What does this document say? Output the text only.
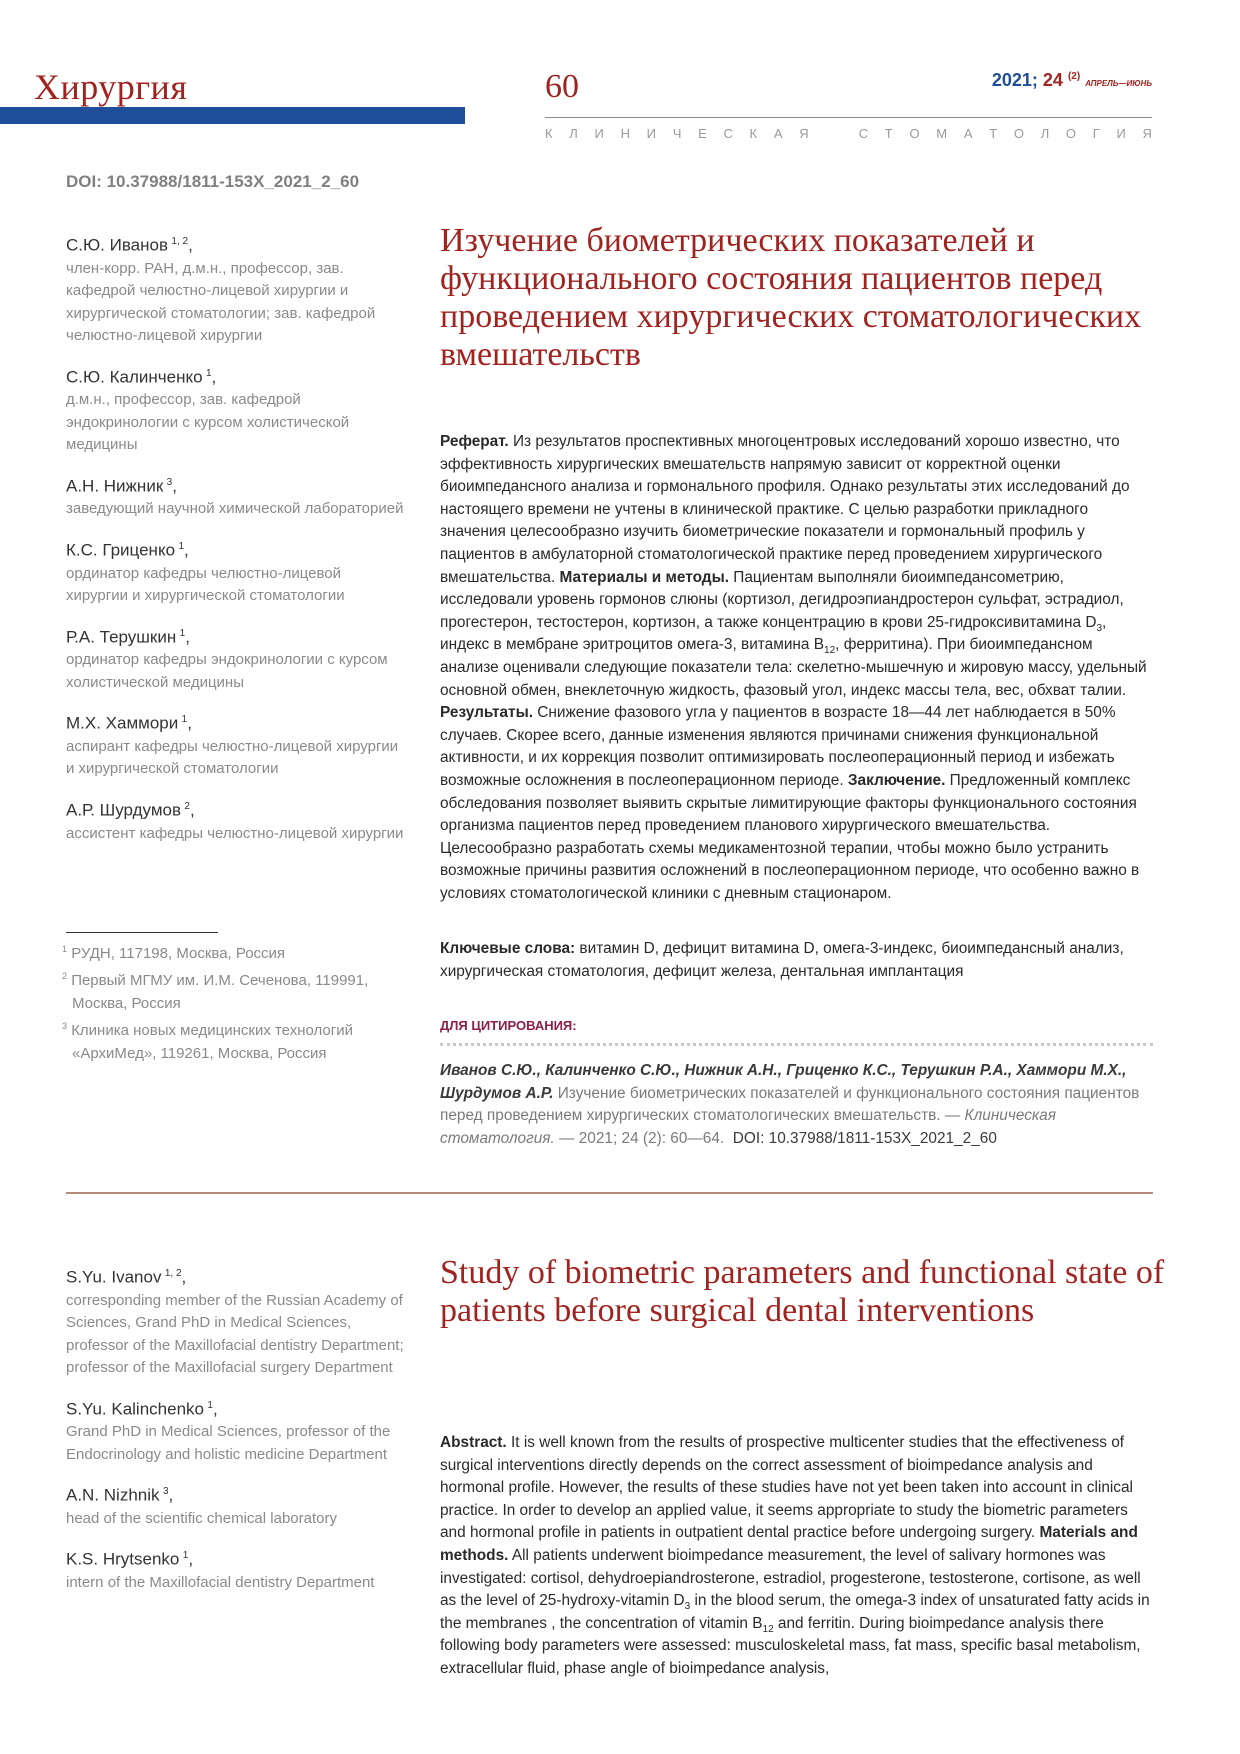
Хирургия	60	2021; 24 $^{(2)}$ АПРЕЛЬ—ИЮНЬ
К Л И Н И Ч Е С К А Я	С Т О М А Т О Л О Г И Я
DOI: 10.37988/1811-153X_2021_2_60
С.Ю. Иванов  $^{1, 2}$,
член-корр. РАН, д.м.н., профессор, зав. кафедрой челюстно-лицевой хирургии и хирургической стоматологии; зав. кафедрой челюстно-лицевой хирургии
С.Ю. Калинченко  $^1$,
д.м.н., профессор, зав. кафедрой эндокринологии с курсом холистической медицины
А.Н. Нижник  $^3$,
заведующий научной химической лабораторией
К.С. Гриценко  $^1$,
ординатор кафедры челюстно-лицевой хирургии и хирургической стоматологии
Р.А. Терушкин  $^1$,
ординатор кафедры эндокринологии с курсом холистической медицины
М.Х. Хаммори  $^1$,
аспирант кафедры челюстно-лицевой хирургии и хирургической стоматологии
А.Р. Шурдумов  $^2$,
ассистент кафедры челюстно-лицевой хирургии
$^1$ РУДН, 117198, Москва, Россия
$^2$ Первый МГМУ им. И.М. Сеченова, 119991, Москва, Россия
$^3$ Клиника новых медицинских технологий «АрхиМед», 119261, Москва, Россия
Изучение биометрических показателей и функционального состояния пациентов перед проведением хирургических стоматологических вмешательств
Реферат. Из результатов проспективных многоцентровых исследований хорошо известно, что эффективность хирургических вмешательств напрямую зависит от корректной оценки биоимпедансного анализа и гормонального профиля. Однако результаты этих исследований до настоящего времени не учтены в клинической практике. С целью разработки прикладного значения целесообразно изучить биометрические показатели и гормональный профиль у пациентов в амбулаторной стоматологической практике перед проведением хирургического вмешательства. Материалы и методы. Пациентам выполняли биоимпедансометрию, исследовали уровень гормонов слюны (кортизол, дегидроэпиандростерон сульфат, эстрадиол, прогестерон, тестостерон, кортизон, а также концентрацию в крови 25-гидроксивитамина $D_3$, индекс в мембране эритроцитов омега-3, витамина $B_{12}$, ферритина). При биоимпедансном анализе оценивали следующие показатели тела: скелетно-мышечную и жировую массу, удельный основной обмен, внеклеточную жидкость, фазовый угол, индекс массы тела, вес, обхват талии. Результаты. Снижение фазового угла у пациентов в возрасте 18—44 лет наблюдается в 50% случаев. Скорее всего, данные изменения являются причинами снижения функциональной активности, и их коррекция позволит оптимизировать послеоперационный период и избежать возможные осложнения в послеоперационном периоде. Заключение. Предложенный комплекс обследования позволяет выявить скрытые лимитирующие факторы функционального состояния организма пациентов перед проведением планового хирургического вмешательства. Целесообразно разработать схемы медикаментозной терапии, чтобы можно было устранить возможные причины развития осложнений в послеоперационном периоде, что особенно важно в условиях стоматологической клиники с дневным стационаром.
Ключевые слова: витамин D, дефицит витамина D, омега-3-индекс, биоимпедансный анализ, хирургическая стоматология, дефицит железа, дентальная имплантация
ДЛЯ ЦИТИРОВАНИЯ:
Иванов С.Ю., Калинченко С.Ю., Нижник А.Н., Гриценко К.С., Терушкин Р.А., Хаммори М.Х., Шурдумов А.Р. Изучение биометрических показателей и функционального состояния пациентов перед проведением хирургических стоматологических вмешательств. — Клиническая стоматология. — 2021; 24 (2): 60—64. DOI: 10.37988/1811-153X_2021_2_60
S.Yu. Ivanov  $^{1, 2}$,
corresponding member of the Russian Academy of Sciences, Grand PhD in Medical Sciences, professor of the Maxillofacial dentistry Department; professor of the Maxillofacial surgery Department
S.Yu. Kalinchenko  $^1$,
Grand PhD in Medical Sciences, professor of the Endocrinology and holistic medicine Department
A.N. Nizhnik  $^3$,
head of the scientific chemical laboratory
K.S. Hrytsenko  $^1$,
intern of the Maxillofacial dentistry Department
Study of biometric parameters and functional state of patients before surgical dental interventions
Abstract. It is well known from the results of prospective multicenter studies that the effectiveness of surgical interventions directly depends on the correct assessment of bioimpedance analysis and hormonal profile. However, the results of these studies have not yet been taken into account in clinical practice. In order to develop an applied value, it seems appropriate to study the biometric parameters and hormonal profile in patients in outpatient dental practice before undergoing surgery. Materials and methods. All patients underwent bioimpedance measurement, the level of salivary hormones was investigated: cortisol, dehydroepiandrosterone, estradiol, progesterone, testosterone, cortisone, as well as the level of 25-hydroxy-vitamin $D_3$ in the blood serum, the omega-3 index of unsaturated fatty acids in the membranes , the concentration of vitamin $B_{12}$ and ferritin. During bioimpedance analysis there following body parameters were assessed: musculoskeletal mass, fat mass, specific basal metabolism, extracellular fluid, phase angle of bioimpedance analysis,
